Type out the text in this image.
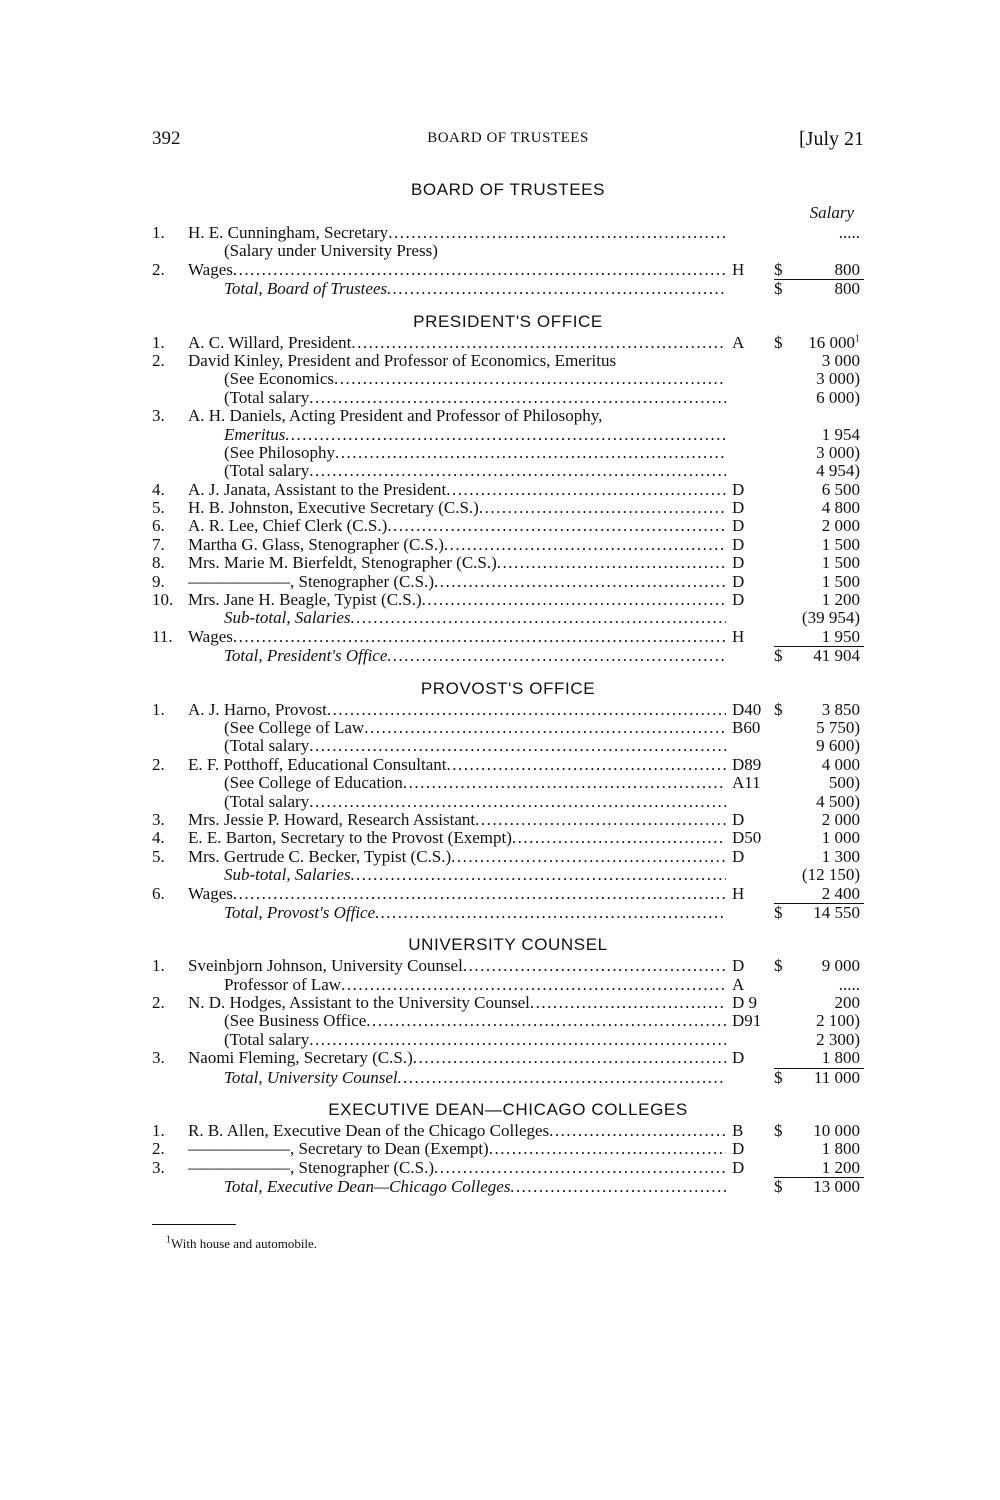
392	BOARD OF TRUSTEES	[July 21
BOARD OF TRUSTEES
Salary
1.	H. E. Cunningham, Secretary .....	.....
(Salary under University Press)
2.	Wages .....	H	$	800
Total, Board of Trustees .....	$	800
PRESIDENT'S OFFICE
1.	A. C. Willard, President .....	A	$	16 $000^1$
2.	David Kinley, President and Professor of Economics, Emeritus	3 000
(See Economics .....	3 000)
(Total salary .....	6 000)
3.	A. H. Daniels, Acting President and Professor of Philosophy,
Emeritus .....	1 954
(See Philosophy .....	3 000)
(Total salary .....	4 954)
4.	A. J. Janata, Assistant to the President .....	D	6 500
5.	H. B. Johnston, Executive Secretary (C.S.) .....	D	4 800
6.	A. R. Lee, Chief Clerk (C.S.) .....	D	2 000
7.	Martha G. Glass, Stenographer (C.S.) .....	D	1 500
8.	Mrs. Marie M. Bierfeldt, Stenographer (C.S.) .....	D	1 500
9.	——————, Stenographer (C.S.) .....	D	1 500
10. Mrs. Jane H. Beagle, Typist (C.S.) .....	D	1 200
Sub-total, Salaries .....	(39 954)
11. Wages .....	H	1 950
Total, President's Office .....	$	41 904
PROVOST'S OFFICE
1.	A. J. Harno, Provost .....	D40 $	3 850
(See College of Law .....	B60	5 750)
(Total salary .....	9 600)
2.	E. F. Potthoff, Educational Consultant .....	D89	4 000
(See College of Education .....	A11	500)
(Total salary .....	4 500)
3.	Mrs. Jessie P. Howard, Research Assistant .....	D	2 000
4.	E. E. Barton, Secretary to the Provost (Exempt) .....	D50	1 000
5.	Mrs. Gertrude C. Becker, Typist (C.S.) .....	D	1 300
Sub-total, Salaries .....	(12 150)
6.	Wages .....	H	2 400
Total, Provost's Office .....	$	14 550
UNIVERSITY COUNSEL
1.	Sveinbjorn Johnson, University Counsel .....	D	$	9 000
Professor of Law .....	A	.....
2.	N. D. Hodges, Assistant to the University Counsel .....	D 9	200
(See Business Office .....	D91	2 100)
(Total salary .....	2 300)
3.	Naomi Fleming, Secretary (C.S.) .....	D	1 800
Total, University Counsel .....	$	11 000
EXECUTIVE DEAN—CHICAGO COLLEGES
1.	R. B. Allen, Executive Dean of the Chicago Colleges .....	B	$	10 000
2.	——————, Secretary to Dean (Exempt) .....	D	1 800
3.	——————, Stenographer (C.S.) .....	D	1 200
Total, Executive Dean—Chicago Colleges .....	$	13 000
$^1$With house and automobile.
